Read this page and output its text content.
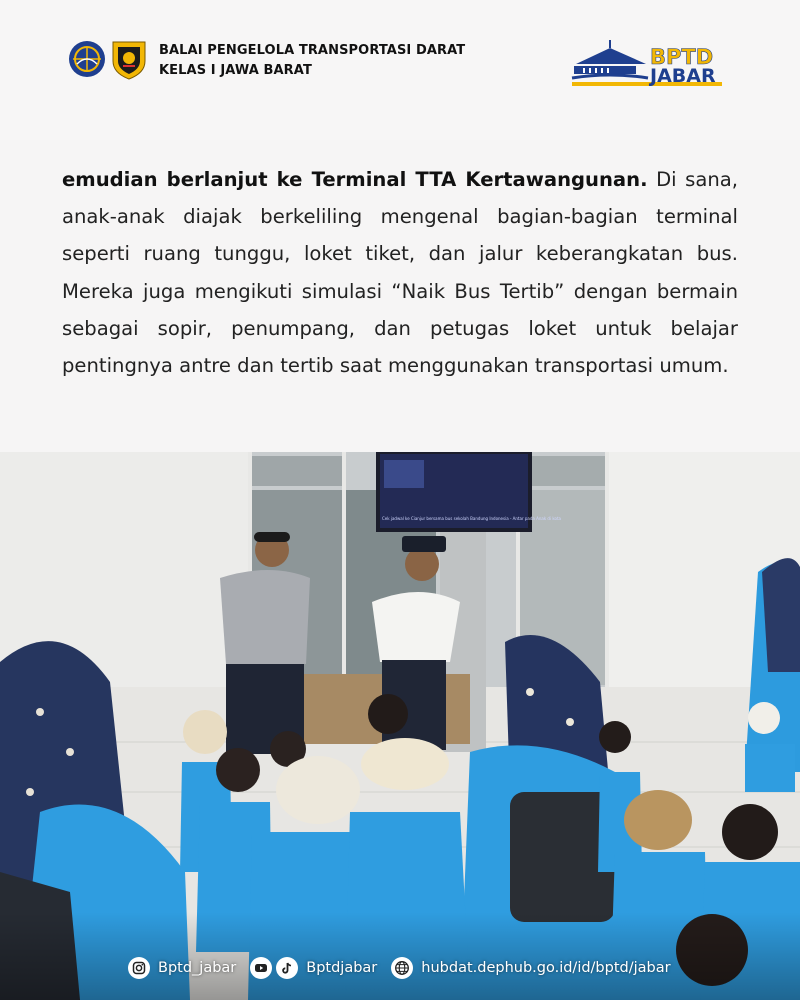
BALAI PENGELOLA TRANSPORTASI DARAT
KELAS I JAWA BARAT
BPTD
JABAR
emudian berlanjut ke Terminal TTA Kertawangunan. Di sana, anak-anak diajak berkeliling mengenal bagian-bagian terminal seperti ruang tunggu, loket tiket, dan jalur keberangkatan bus. Mereka juga mengikuti simulasi “Naik Bus Tertib” dengan bermain sebagai sopir, penumpang, dan petugas loket untuk belajar pentingnya antre dan tertib saat menggunakan transportasi umum.
Cek jadwal ke Cianjur bersama bus sekolah Bandung Indonesia - Antar pada Anak di kota
Bptd_jabar	Bptdjabar	hubdat.dephub.go.id/id/bptd/jabar
